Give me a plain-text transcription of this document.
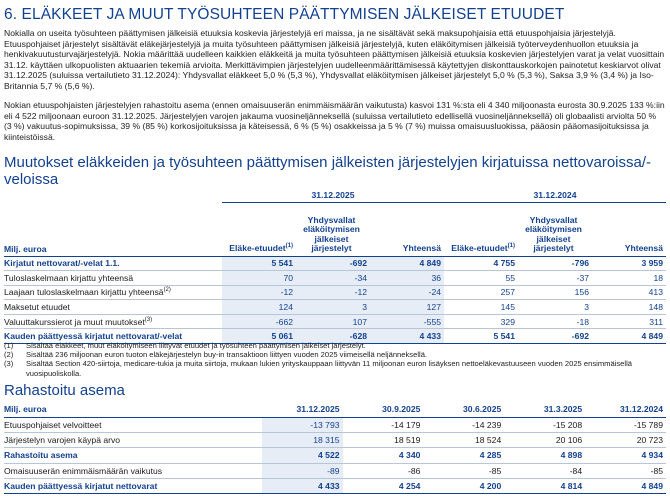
6. ELÄKKEET JA MUUT TYÖSUHTEEN PÄÄTTYMISEN JÄLKEISET ETUUDET
Nokialla on useita työsuhteen päättymisen jälkeisiä etuuksia koskevia järjestelyjä eri maissa, ja ne sisältävät sekä maksupohjaisia että etuuspohjaisia järjestelyjä. Etuuspohjaiset järjestelyt sisältävät eläkejärjestelyjä ja muita työsuhteen päättymisen jälkeisiä järjestelyjä, kuten eläköitymisen jälkeisiä työterveydenhuollon etuuksia ja henkivakuutusturvajärjestelyjä. Nokia määrittää uudelleen kaikkien eläkkeitä ja muita työsuhteen päättymisen jälkeisiä etuuksia koskevien järjestelyjen varat ja velat vuosittain 31.12. käyttäen ulkopuolisten aktuaarien tekemiä arvioita. Merkittävimpien järjestelyjen uudelleenmäärittämisessä käytettyjen diskonttauskorkojen painotetut keskiarvot olivat 31.12.2025 (suluissa vertailutieto 31.12.2024): Yhdysvallat eläkkeet 5,0 % (5,3 %), Yhdysvallat eläköitymisen jälkeiset järjestelyt 5,0 % (5,3 %), Saksa 3,9 % (3,4 %) ja Iso-Britannia 5,7 % (5,6 %).
Nokian etuuspohjaisten järjestelyjen rahastoitu asema (ennen omaisuuserän enimmäismäärän vaikutusta) kasvoi 131 %:sta eli 4 340 miljoonasta eurosta 30.9.2025 133 %:iin eli 4 522 miljoonaan euroon 31.12.2025. Järjestelyjen varojen jakauma vuosineljänneksellä (suluissa vertailutieto edellisellä vuosineljänneksellä) oli globaalisti arviolta 50 % (3 %) vakuutus-sopimuksissa, 39 % (85 %) korkosijoituksissa ja käteisessä, 6 % (5 %) osakkeissa ja 5 % (7 %) muissa omaisuusluokissa, pääosin pääomasijoituksissa ja kiinteistöissä.
Muutokset eläkkeiden ja työsuhteen päättymisen jälkeisten järjestelyjen kirjatuissa nettovaroissa/-veloissa
	31.12.2025			31.12.2024		
Milj. euroa	Eläke-etuudet$^{(1)}$	Yhdysvallat eläköitymisen jälkeiset järjestelyt	Yhteensä	Eläke-etuudet$^{(1)}$	Yhdysvallat eläköitymisen jälkeiset järjestelyt	Yhteensä
Kirjatut nettovarat/-velat 1.1.	5 541	-692	4 849	4 755	-796	3 959
Tuloslaskelmaan kirjattu yhteensä	70	-34	36	55	-37	18
Laajaan tuloslaskelmaan kirjattu yhteensä$^{(2)}$	-12	-12	-24	257	156	413
Maksetut etuudet	124	3	127	145	3	148
Valuuttakurssierot ja muut muutokset$^{(3)}$	-662	107	-555	329	-18	311
Kauden päättyessä kirjatut nettovarat/-velat	5 061	-628	4 433	5 541	-692	4 849
(1)	Sisältää eläkkeet, muut eläköitymiseen liittyvät etuudet ja työsuhteen päättymisen jälkeiset järjestelyt.
(2)	Sisältää 236 miljoonan euron tuoton eläkejärjestelyn buy-in transaktioon liittyen vuoden 2025 viimeisellä neljänneksellä.
(3)	Sisältää Section 420-siirtoja, medicare-tukia ja muita siirtoja, mukaan lukien yrityskauppaan liittyvän 11 miljoonan euron lisäyksen nettoeläkevastuuseen vuoden 2025 ensimmäisellä vuosipuoliskolla.
Rahastoitu asema
Milj. euroa	31.12.2025	30.9.2025	30.6.2025	31.3.2025	31.12.2024
Etuuspohjaiset velvoitteet	-13 793	-14 179	-14 239	-15 208	-15 789
Järjestelyn varojen käypä arvo	18 315	18 519	18 524	20 106	20 723
Rahastoitu asema	4 522	4 340	4 285	4 898	4 934
Omaisuuserän enimmäismäärän vaikutus	-89	-86	-85	-84	-85
Kauden päättyessä kirjatut nettovarat	4 433	4 254	4 200	4 814	4 849
